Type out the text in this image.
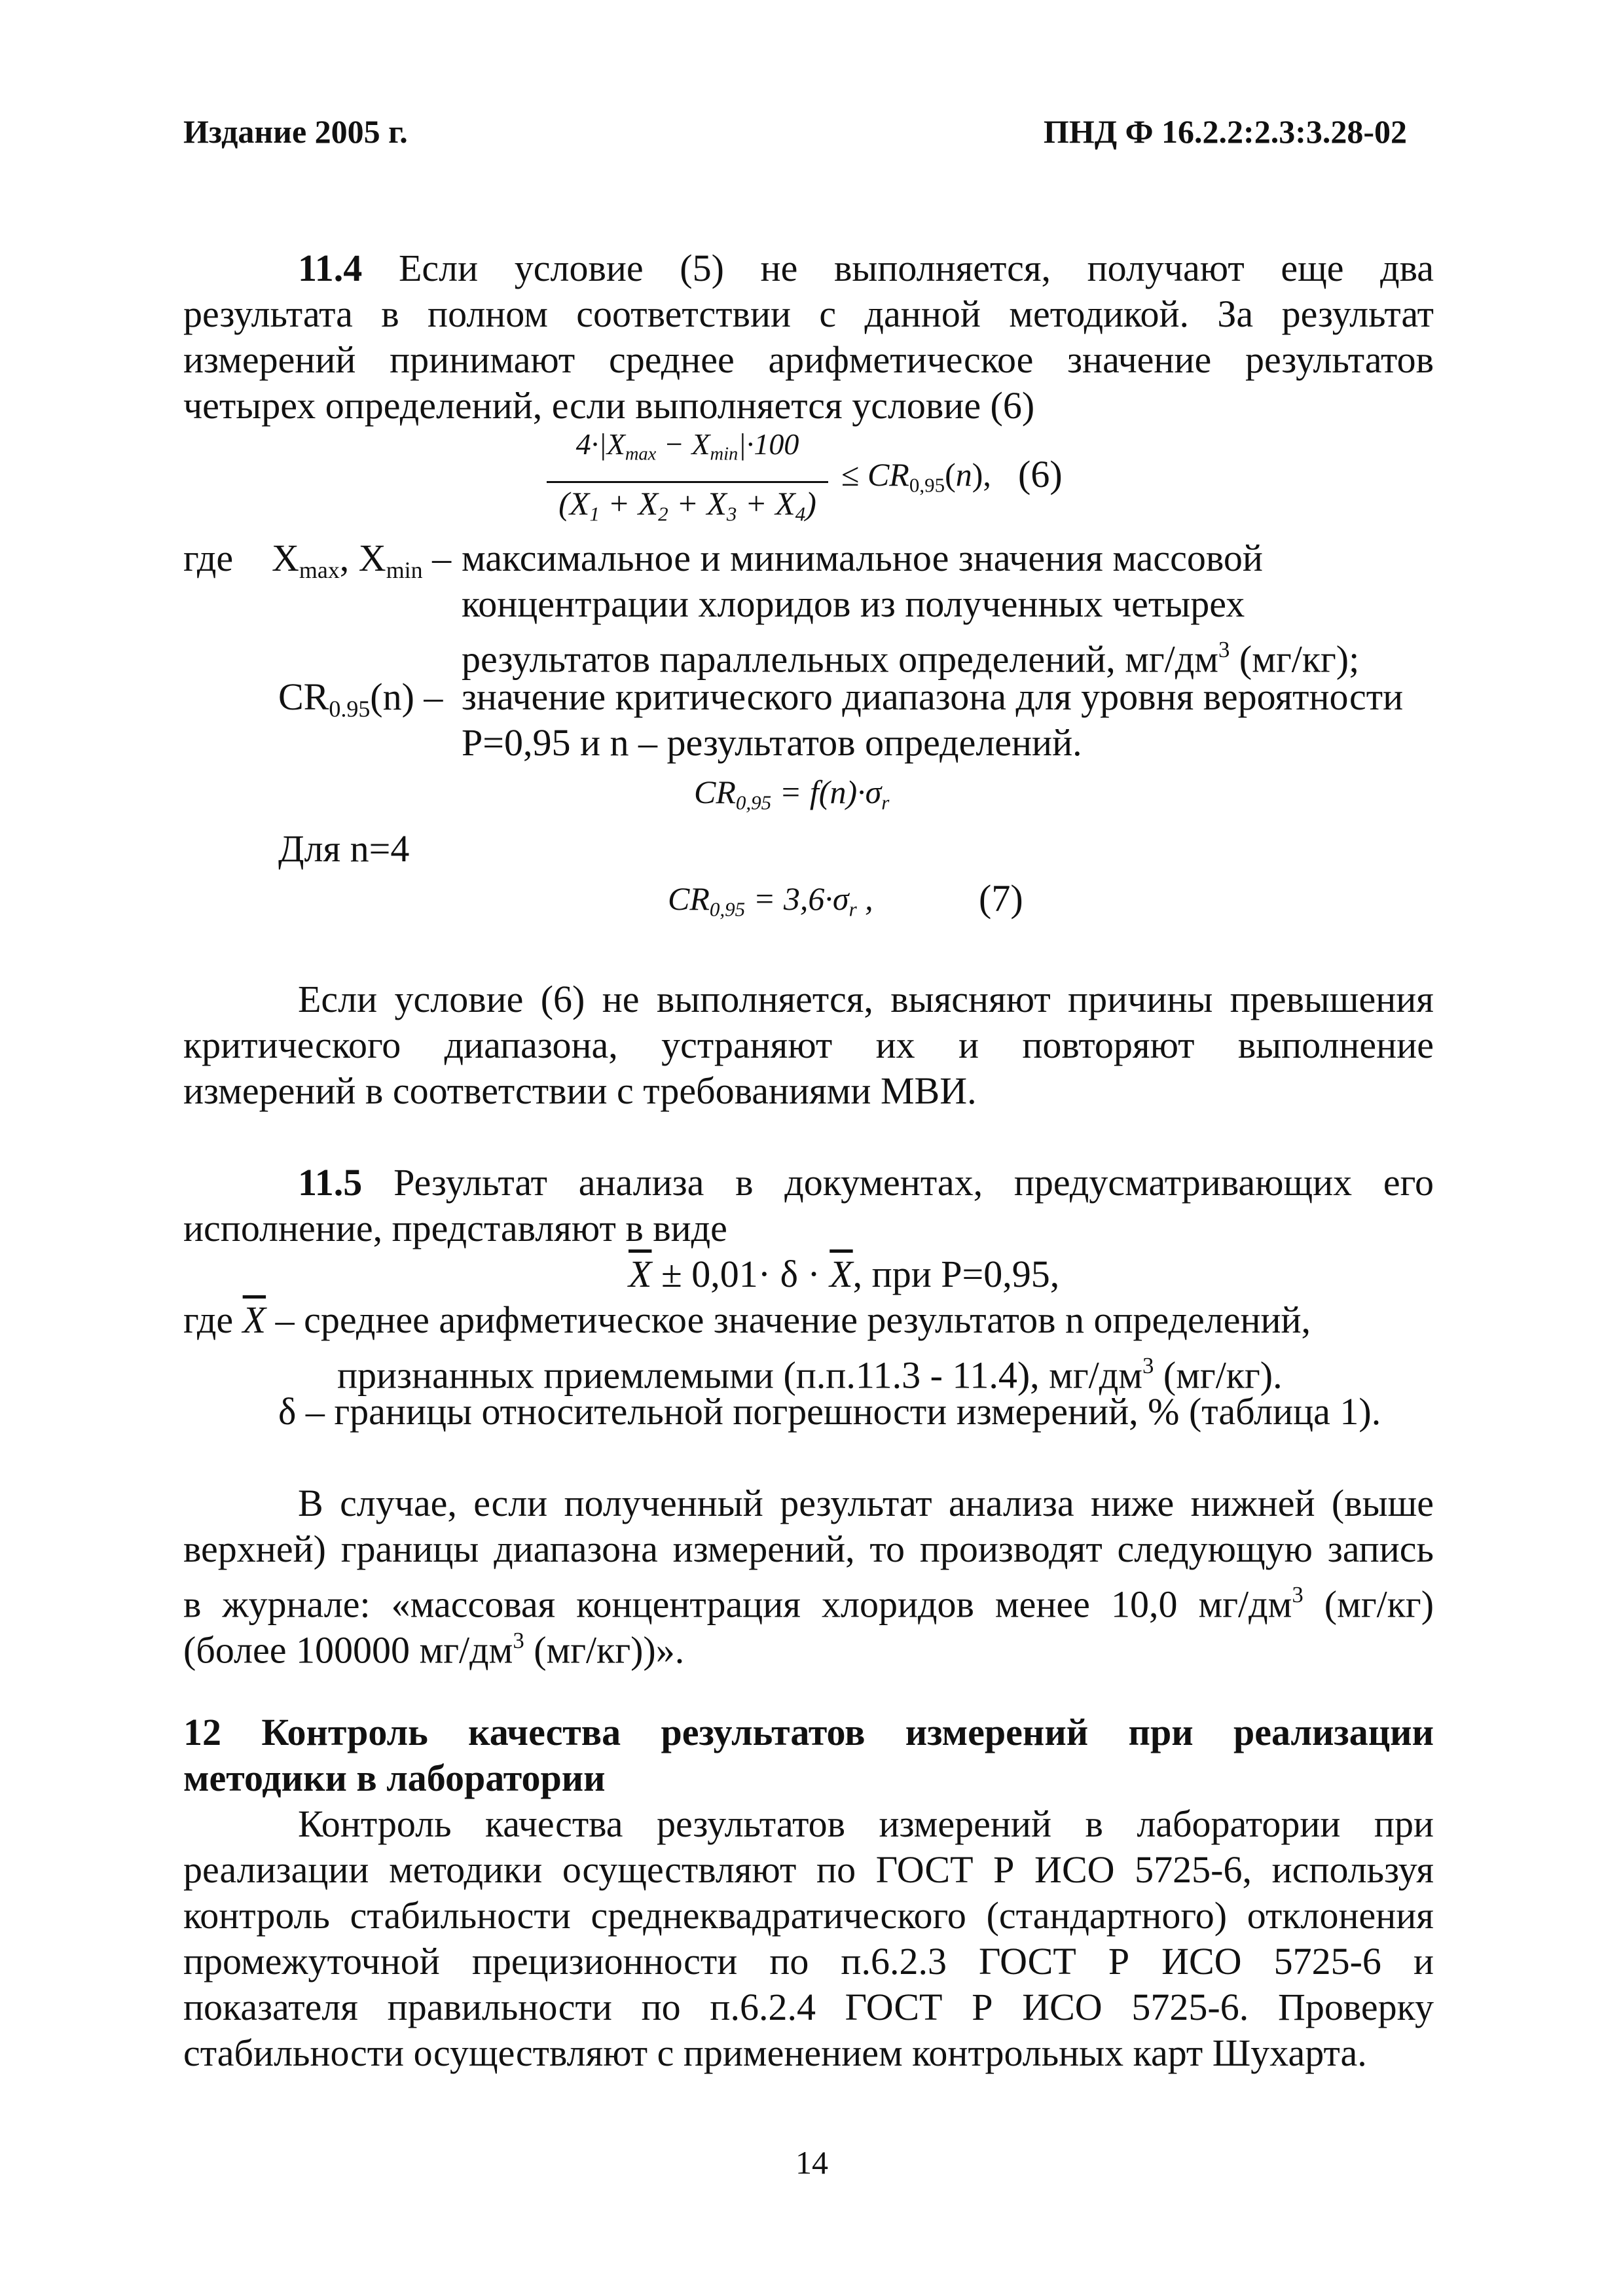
Издание 2005 г.	ПНД Ф 16.2.2:2.3:3.28-02
11.4 Если условие (5) не выполняется, получают еще два
результата в полном соответствии с данной методикой. За результат
измерений принимают среднее арифметическое значение результатов
четырех определений, если выполняется условие (6)
$4\cdot|X_{max} - X_{min}|\cdot 100$
$(X_1 + X_2 + X_3 + X_4)$
≤ $CR_{0,95}(n)$, (6)
где $X_{max}$, $X_{min}$ – максимальное и минимальное значения массовой
концентрации хлоридов из полученных четырех
результатов параллельных определений, $мг/дм^3$ (мг/кг);
$CR_{0.95}(n)$ – значение критического диапазона для уровня вероятности
P=0,95 и n – результатов определений.
$CR_{0,95} = f(n)\cdot\sigma_r$
Для n=4
$CR_{0,95} = 3,6\cdot\sigma_r$ ,	(7)
Если условие (6) не выполняется, выясняют причины превышения
критического диапазона, устраняют их и повторяют выполнение
измерений в соответствии с требованиями МВИ.
11.5 Результат анализа в документах, предусматривающих его
исполнение, представляют в виде
$\overline{X} \pm 0,01\cdot \delta \cdot \overline{X}$, при P=0,95,
где $\overline{X}$ – среднее арифметическое значение результатов n определений,
признанных приемлемыми (п.п.11.3 - 11.4), $мг/дм^3$ (мг/кг).
δ – границы относительной погрешности измерений, % (таблица 1).
В случае, если полученный результат анализа ниже нижней (выше
верхней) границы диапазона измерений, то производят следующую запись
в журнале: «массовая концентрация хлоридов менее 10,0 $мг/дм^3$ (мг/кг)
(более 100000 $мг/дм^3$ (мг/кг))».
12 Контроль качества результатов измерений при реализации
методики в лаборатории
Контроль качества результатов измерений в лаборатории при
реализации методики осуществляют по ГОСТ Р ИСО 5725-6, используя
контроль стабильности среднеквадратического (стандартного) отклонения
промежуточной прецизионности по п.6.2.3 ГОСТ Р ИСО 5725-6 и
показателя правильности по п.6.2.4 ГОСТ Р ИСО 5725-6. Проверку
стабильности осуществляют с применением контрольных карт Шухарта.
14
